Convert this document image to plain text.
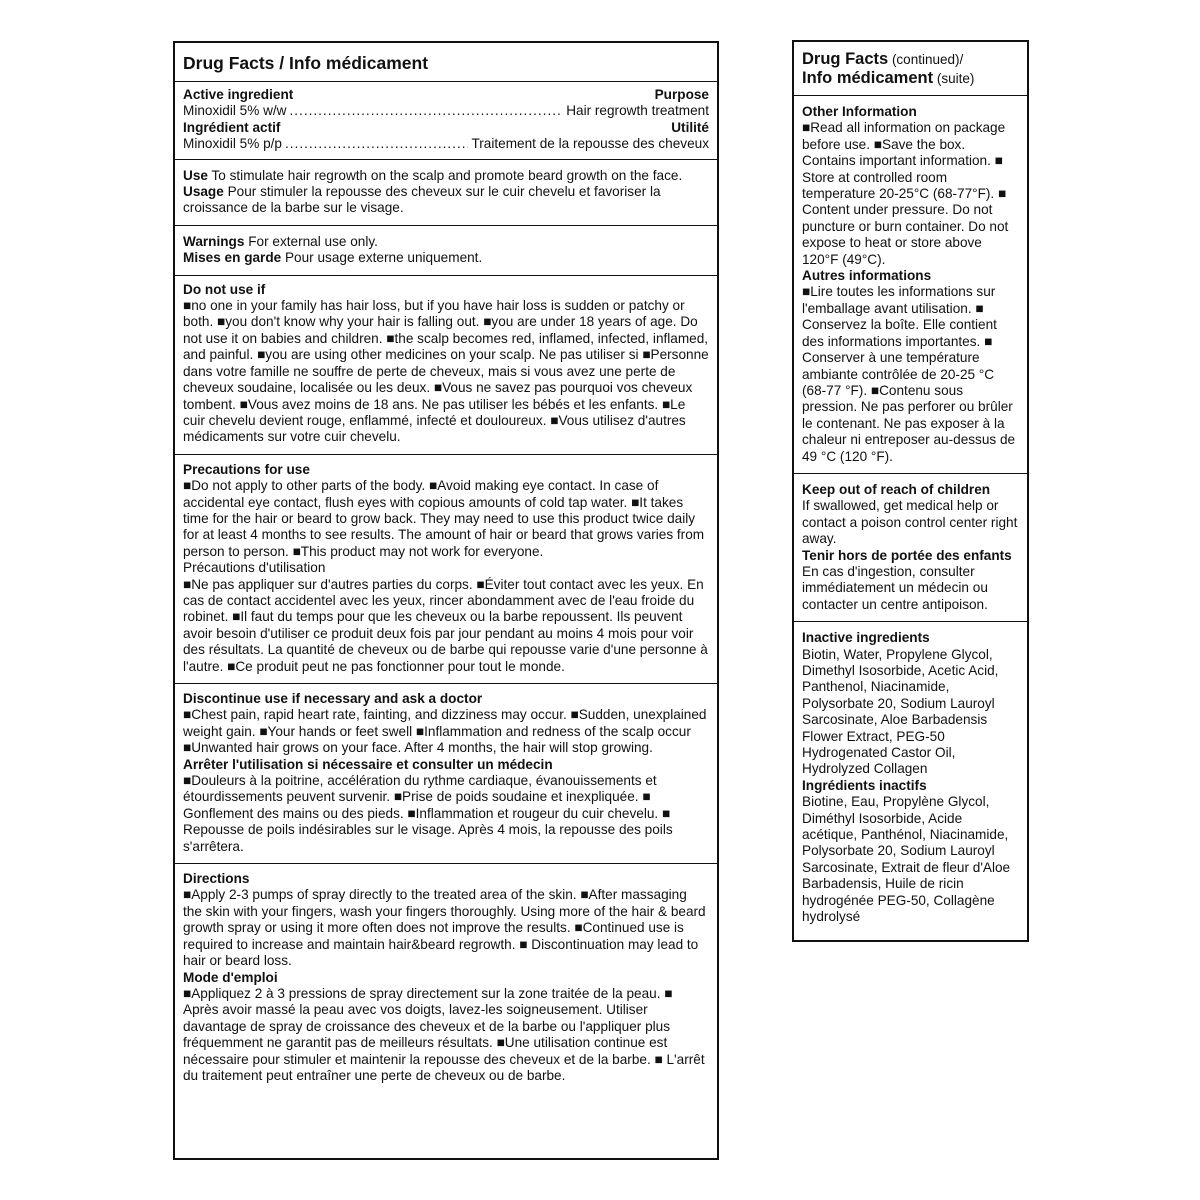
Drug Facts / Info médicament
Active ingredient	Purpose
Minoxidil 5% w/w .....	Hair regrowth treatment
Ingrédient actif	Utilité
Minoxidil 5% p/p .....	Traitement de la repousse des cheveux
Use To stimulate hair regrowth on the scalp and promote beard growth on the face.
Usage Pour stimuler la repousse des cheveux sur le cuir chevelu et favoriser la croissance de la barbe sur le visage.
Warnings For external use only.
Mises en garde Pour usage externe uniquement.
Do not use if
■no one in your family has hair loss, but if you have hair loss is sudden or patchy or both. ■you don't know why your hair is falling out. ■you are under 18 years of age. Do not use it on babies and children. ■the scalp becomes red, inflamed, infected, inflamed, and painful. ■you are using other medicines on your scalp. Ne pas utiliser si ■Personne dans votre famille ne souffre de perte de cheveux, mais si vous avez une perte de cheveux soudaine, localisée ou les deux. ■Vous ne savez pas pourquoi vos cheveux tombent. ■Vous avez moins de 18 ans. Ne pas utiliser les bébés et les enfants. ■Le cuir chevelu devient rouge, enflammé, infecté et douloureux. ■Vous utilisez d'autres médicaments sur votre cuir chevelu.
Precautions for use
■Do not apply to other parts of the body. ■Avoid making eye contact. In case of accidental eye contact, flush eyes with copious amounts of cold tap water. ■It takes time for the hair or beard to grow back. They may need to use this product twice daily for at least 4 months to see results. The amount of hair or beard that grows varies from person to person. ■This product may not work for everyone.
Précautions d'utilisation
■Ne pas appliquer sur d'autres parties du corps. ■Éviter tout contact avec les yeux. En cas de contact accidentel avec les yeux, rincer abondamment avec de l'eau froide du robinet. ■Il faut du temps pour que les cheveux ou la barbe repoussent. Ils peuvent avoir besoin d'utiliser ce produit deux fois par jour pendant au moins 4 mois pour voir des résultats. La quantité de cheveux ou de barbe qui repousse varie d'une personne à l'autre. ■Ce produit peut ne pas fonctionner pour tout le monde.
Discontinue use if necessary and ask a doctor
■Chest pain, rapid heart rate, fainting, and dizziness may occur. ■Sudden, unexplained weight gain. ■Your hands or feet swell ■Inflammation and redness of the scalp occur ■Unwanted hair grows on your face. After 4 months, the hair will stop growing.
Arrêter l'utilisation si nécessaire et consulter un médecin
■Douleurs à la poitrine, accélération du rythme cardiaque, évanouissements et étourdissements peuvent survenir. ■Prise de poids soudaine et inexpliquée. ■ Gonflement des mains ou des pieds. ■Inflammation et rougeur du cuir chevelu. ■ Repousse de poils indésirables sur le visage. Après 4 mois, la repousse des poils s'arrêtera.
Directions
■Apply 2-3 pumps of spray directly to the treated area of the skin. ■After massaging the skin with your fingers, wash your fingers thoroughly. Using more of the hair & beard growth spray or using it more often does not improve the results. ■Continued use is required to increase and maintain hair&beard regrowth. ■ Discontinuation may lead to hair or beard loss.
Mode d'emploi
■Appliquez 2 à 3 pressions de spray directement sur la zone traitée de la peau. ■ Après avoir massé la peau avec vos doigts, lavez-les soigneusement. Utiliser davantage de spray de croissance des cheveux et de la barbe ou l'appliquer plus fréquemment ne garantit pas de meilleurs résultats. ■Une utilisation continue est nécessaire pour stimuler et maintenir la repousse des cheveux et de la barbe. ■ L'arrêt du traitement peut entraîner une perte de cheveux ou de barbe.
Drug Facts (continued)/
Info médicament (suite)
Other Information
■Read all information on package before use. ■Save the box. Contains important information. ■ Store at controlled room temperature 20-25°C (68-77°F). ■ Content under pressure. Do not puncture or burn container. Do not expose to heat or store above 120°F (49°C).
Autres informations
■Lire toutes les informations sur l'emballage avant utilisation. ■ Conservez la boîte. Elle contient des informations importantes. ■ Conserver à une température ambiante contrôlée de 20-25 °C (68-77 °F). ■Contenu sous pression. Ne pas perforer ou brûler le contenant. Ne pas exposer à la chaleur ni entreposer au-dessus de 49 °C (120 °F).
Keep out of reach of children
If swallowed, get medical help or contact a poison control center right away.
Tenir hors de portée des enfants
En cas d'ingestion, consulter immédiatement un médecin ou contacter un centre antipoison.
Inactive ingredients
Biotin, Water, Propylene Glycol, Dimethyl Isosorbide, Acetic Acid, Panthenol, Niacinamide, Polysorbate 20, Sodium Lauroyl Sarcosinate, Aloe Barbadensis Flower Extract, PEG-50 Hydrogenated Castor Oil, Hydrolyzed Collagen
Ingrédients inactifs
Biotine, Eau, Propylène Glycol, Diméthyl Isosorbide, Acide acétique, Panthénol, Niacinamide, Polysorbate 20, Sodium Lauroyl Sarcosinate, Extrait de fleur d'Aloe Barbadensis, Huile de ricin hydrogénée PEG-50, Collagène hydrolysé
